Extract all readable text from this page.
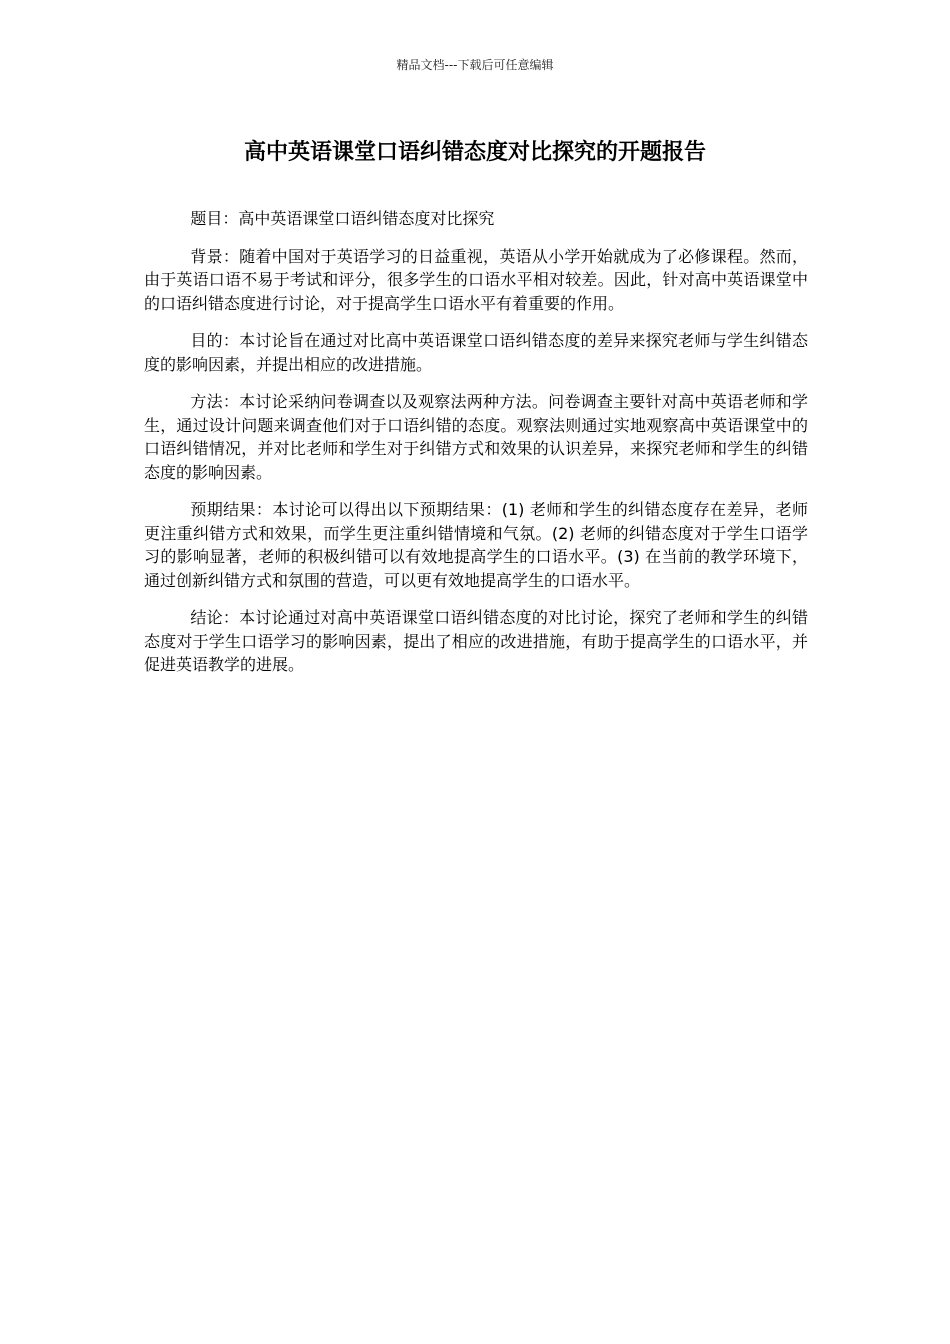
精品文档---下载后可任意编辑
高中英语课堂口语纠错态度对比探究的开题报告

题目：高中英语课堂口语纠错态度对比探究

背景：随着中国对于英语学习的日益重视，英语从小学开始就成为了必修课程。然而，由于英语口语不易于考试和评分，很多学生的口语水平相对较差。因此，针对高中英语课堂中的口语纠错态度进行讨论，对于提高学生口语水平有着重要的作用。

目的：本讨论旨在通过对比高中英语课堂口语纠错态度的差异来探究老师与学生纠错态度的影响因素，并提出相应的改进措施。

方法：本讨论采纳问卷调查以及观察法两种方法。问卷调查主要针对高中英语老师和学生，通过设计问题来调查他们对于口语纠错的态度。观察法则通过实地观察高中英语课堂中的口语纠错情况，并对比老师和学生对于纠错方式和效果的认识差异，来探究老师和学生的纠错态度的影响因素。

预期结果：本讨论可以得出以下预期结果：(1) 老师和学生的纠错态度存在差异，老师更注重纠错方式和效果，而学生更注重纠错情境和气氛。(2) 老师的纠错态度对于学生口语学习的影响显著，老师的积极纠错可以有效地提高学生的口语水平。(3) 在当前的教学环境下，通过创新纠错方式和氛围的营造，可以更有效地提高学生的口语水平。

结论：本讨论通过对高中英语课堂口语纠错态度的对比讨论，探究了老师和学生的纠错态度对于学生口语学习的影响因素，提出了相应的改进措施，有助于提高学生的口语水平，并促进英语教学的进展。
